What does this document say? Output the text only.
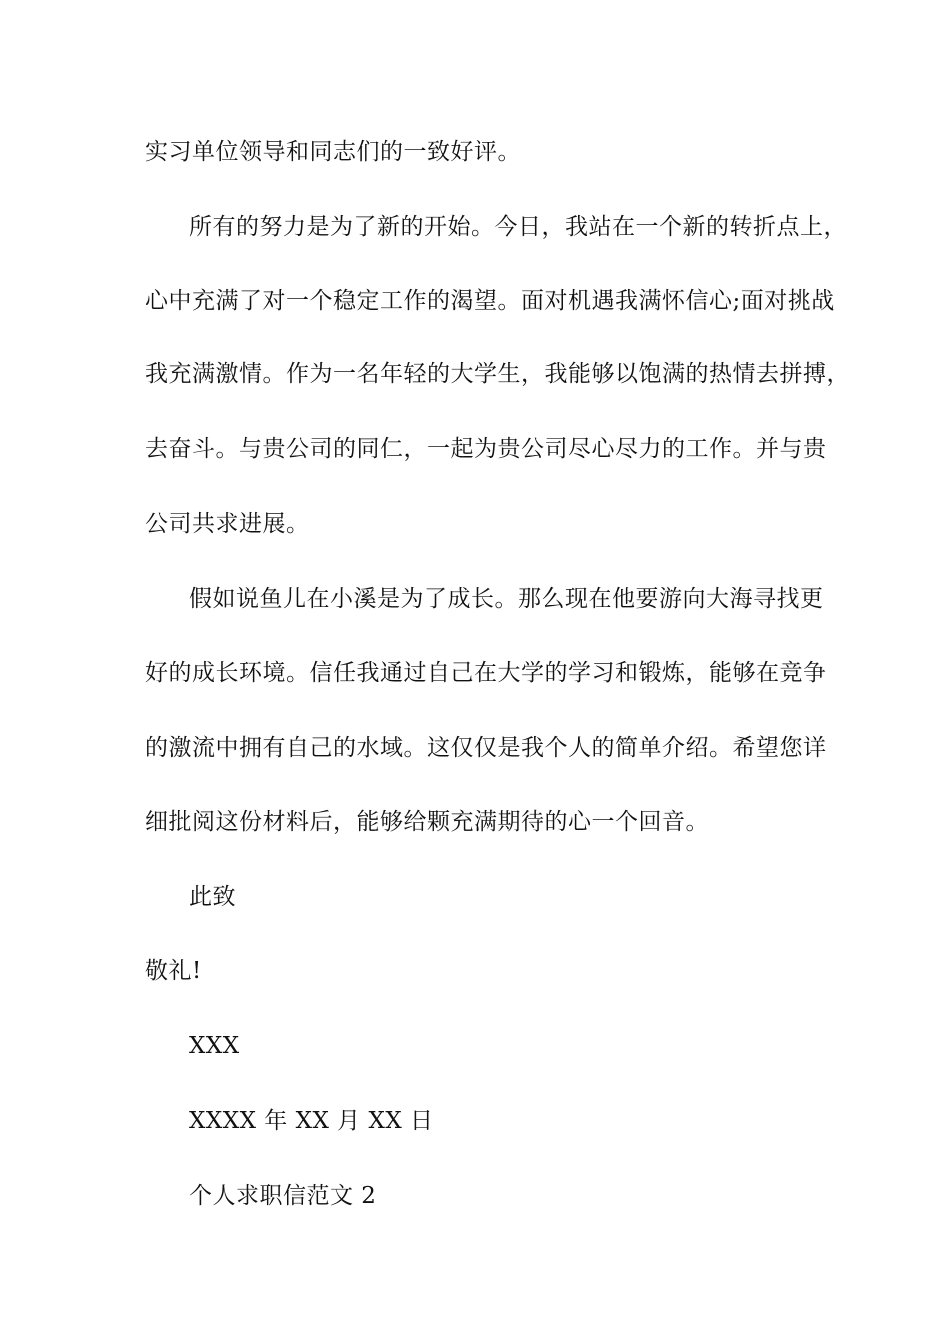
实习单位领导和同志们的一致好评。
所有的努力是为了新的开始。今日，我站在一个新的转折点上，
心中充满了对一个稳定工作的渴望。面对机遇我满怀信心;面对挑战
我充满激情。作为一名年轻的大学生，我能够以饱满的热情去拼搏，
去奋斗。与贵公司的同仁，一起为贵公司尽心尽力的工作。并与贵
公司共求进展。
假如说鱼儿在小溪是为了成长。那么现在他要游向大海寻找更
好的成长环境。信任我通过自己在大学的学习和锻炼，能够在竞争
的激流中拥有自己的水域。这仅仅是我个人的简单介绍。希望您详
细批阅这份材料后，能够给颗充满期待的心一个回音。
此致
敬礼!
XXX
XXXX 年 XX 月 XX 日
个人求职信范文 2
